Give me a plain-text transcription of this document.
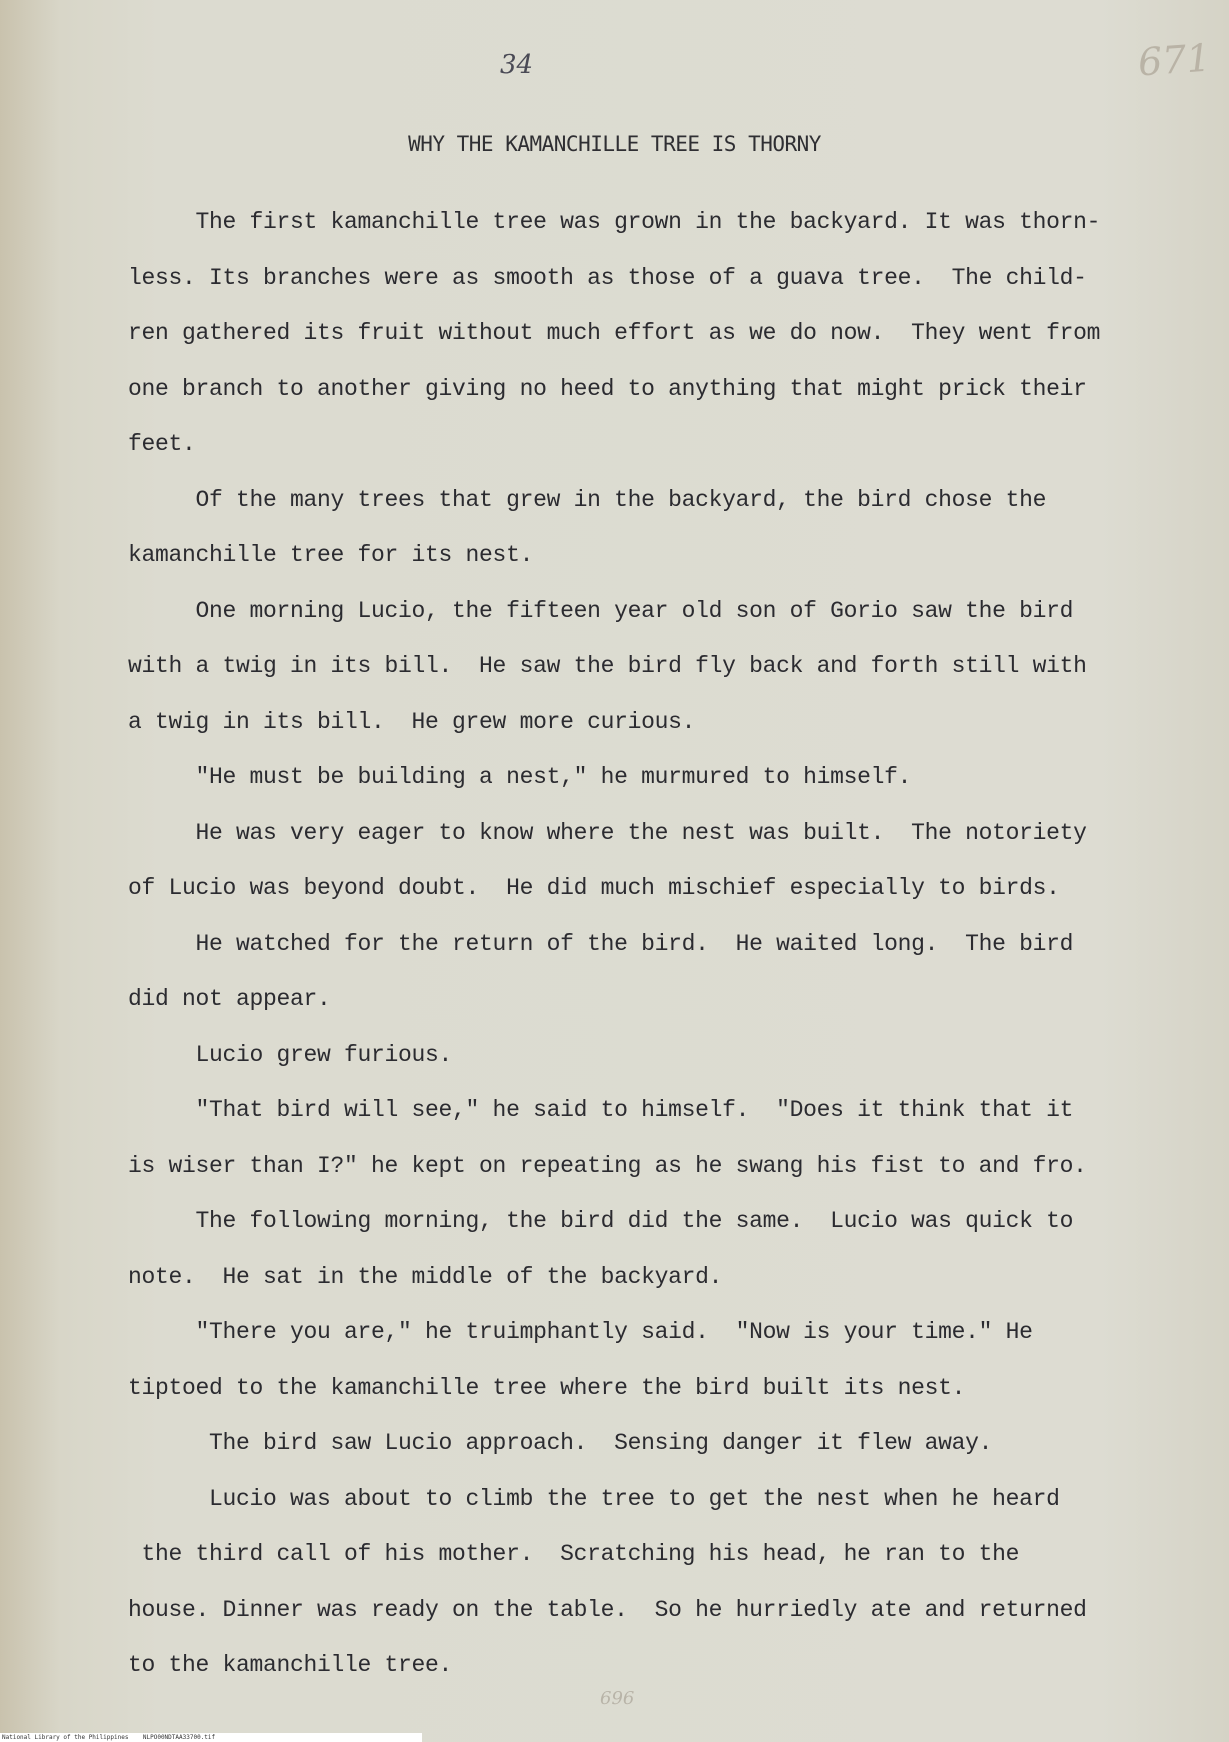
34	671
WHY THE KAMANCHILLE TREE IS THORNY
The first kamanchille tree was grown in the backyard. It was thorn-
less. Its branches were as smooth as those of a guava tree.  The child-
ren gathered its fruit without much effort as we do now.  They went from
one branch to another giving no heed to anything that might prick their
feet.
Of the many trees that grew in the backyard, the bird chose the
kamanchille tree for its nest.
One morning Lucio, the fifteen year old son of Gorio saw the bird
with a twig in its bill.  He saw the bird fly back and forth still with
a twig in its bill.  He grew more curious.
"He must be building a nest," he murmured to himself.
He was very eager to know where the nest was built.  The notoriety
of Lucio was beyond doubt.  He did much mischief especially to birds.
He watched for the return of the bird.  He waited long.  The bird
did not appear.
Lucio grew furious.
"That bird will see," he said to himself.  "Does it think that it
is wiser than I?" he kept on repeating as he swang his fist to and fro.
The following morning, the bird did the same.  Lucio was quick to
note.  He sat in the middle of the backyard.
"There you are," he truimphantly said.  "Now is your time." He
tiptoed to the kamanchille tree where the bird built its nest.
The bird saw Lucio approach.  Sensing danger it flew away.
Lucio was about to climb the tree to get the nest when he heard
the third call of his mother.  Scratching his head, he ran to the
house. Dinner was ready on the table.  So he hurriedly ate and returned
to the kamanchille tree.
696
National Library of the Philippines    NLPO00NDTAA33700.tif
